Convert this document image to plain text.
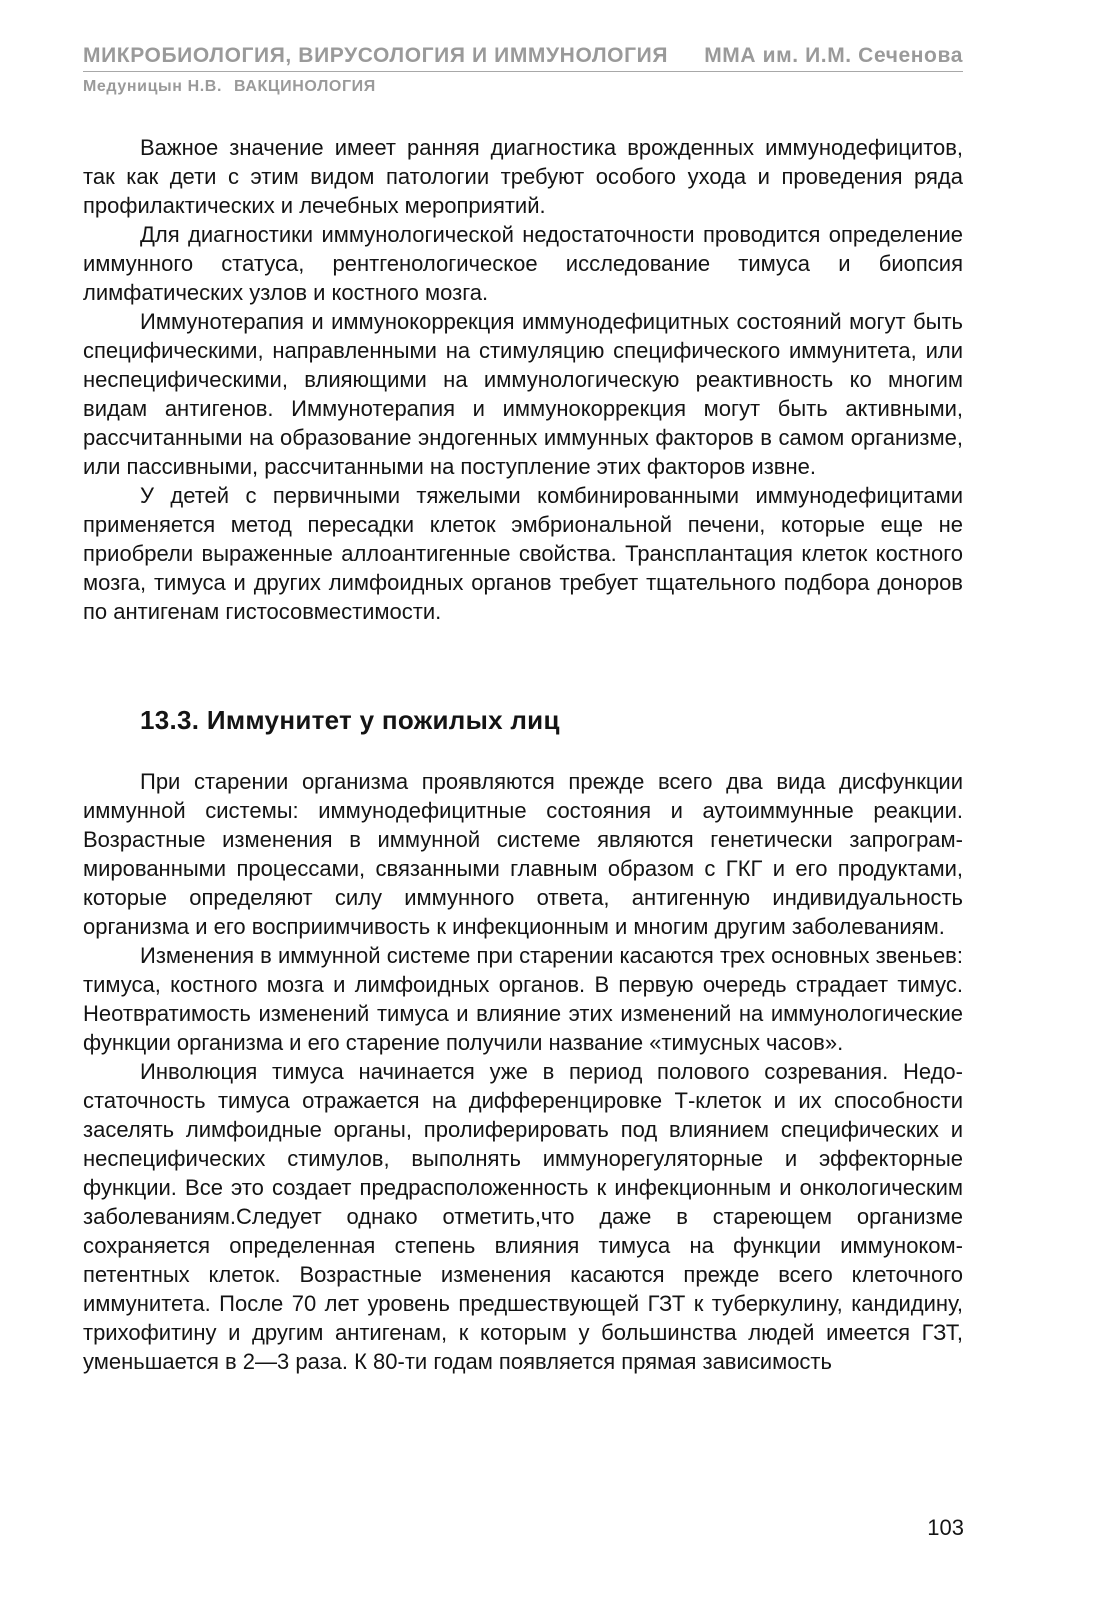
МИКРОБИОЛОГИЯ, ВИРУСОЛОГИЯ И ИММУНОЛОГИЯ ММА им. И.М. Сеченова
Медуницын Н.В. ВАКЦИНОЛОГИЯ

Важное значение имеет ранняя диагностика врожденных иммунодефицитов, так как дети с этим видом патологии требуют особого ухода и проведения ряда профилактических и лечебных мероприятий.

Для диагностики иммунологической недостаточности проводится определение иммунного статуса, рентгенологическое исследование тимуса и биопсия лимфатических узлов и костного мозга.

Иммунотерапия и иммунокоррекция иммунодефицитных состояний могут быть специфическими, направленными на стимуляцию специфического иммунитета, или неспецифическими, влияющими на иммунологическую реактивность ко многим видам антигенов. Иммунотерапия и иммунокоррекция могут быть активными, рассчитанными на образование эндогенных иммунных факторов в самом организме, или пассивными, рассчитанными на поступление этих факторов извне.

У детей с первичными тяжелыми комбинированными иммунодефицитами применяется метод пересадки клеток эмбриональной печени, которые еще не приобрели выраженные аллоантигенные свойства. Трансплантация клеток костного мозга, тимуса и других лимфоидных органов требует тщательного подбора доноров по антигенам гистосовместимости.

13.3. Иммунитет у пожилых лиц

При старении организма проявляются прежде всего два вида дисфункции иммунной системы: иммунодефицитные состояния и аутоиммунные реакции. Возрастные изменения в иммунной системе являются генетически запрограммированными процессами, связанными главным образом с ГКГ и его продуктами, которые определяют силу иммунного ответа, антигенную индивидуальность организма и его восприимчивость к инфекционным и многим другим заболеваниям.

Изменения в иммунной системе при старении касаются трех основных звеньев: тимуса, костного мозга и лимфоидных органов. В первую очередь страдает тимус. Неотвратимость изменений тимуса и влияние этих изменений на иммунологические функции организма и его старение получили название «тимусных часов».

Инволюция тимуса начинается уже в период полового созревания. Недостаточность тимуса отражается на дифференцировке Т-клеток и их способности заселять лимфоидные органы, пролиферировать под влиянием специфических и неспецифических стимулов, выполнять иммунорегуляторные и эффекторные функции. Все это создает предрасположенность к инфекционным и онкологическим заболеваниям.Следует однако отметить,что даже в стареющем организме сохраняется определенная степень влияния тимуса на функции иммунокомпетентных клеток. Возрастные изменения касаются прежде всего клеточного иммунитета. После 70 лет уровень предшествующей ГЗТ к туберкулину, кандидину, трихофитину и другим антигенам, к которым у большинства людей имеется ГЗТ, уменьшается в 2—3 раза. К 80-ти годам появляется прямая зависимость

103
